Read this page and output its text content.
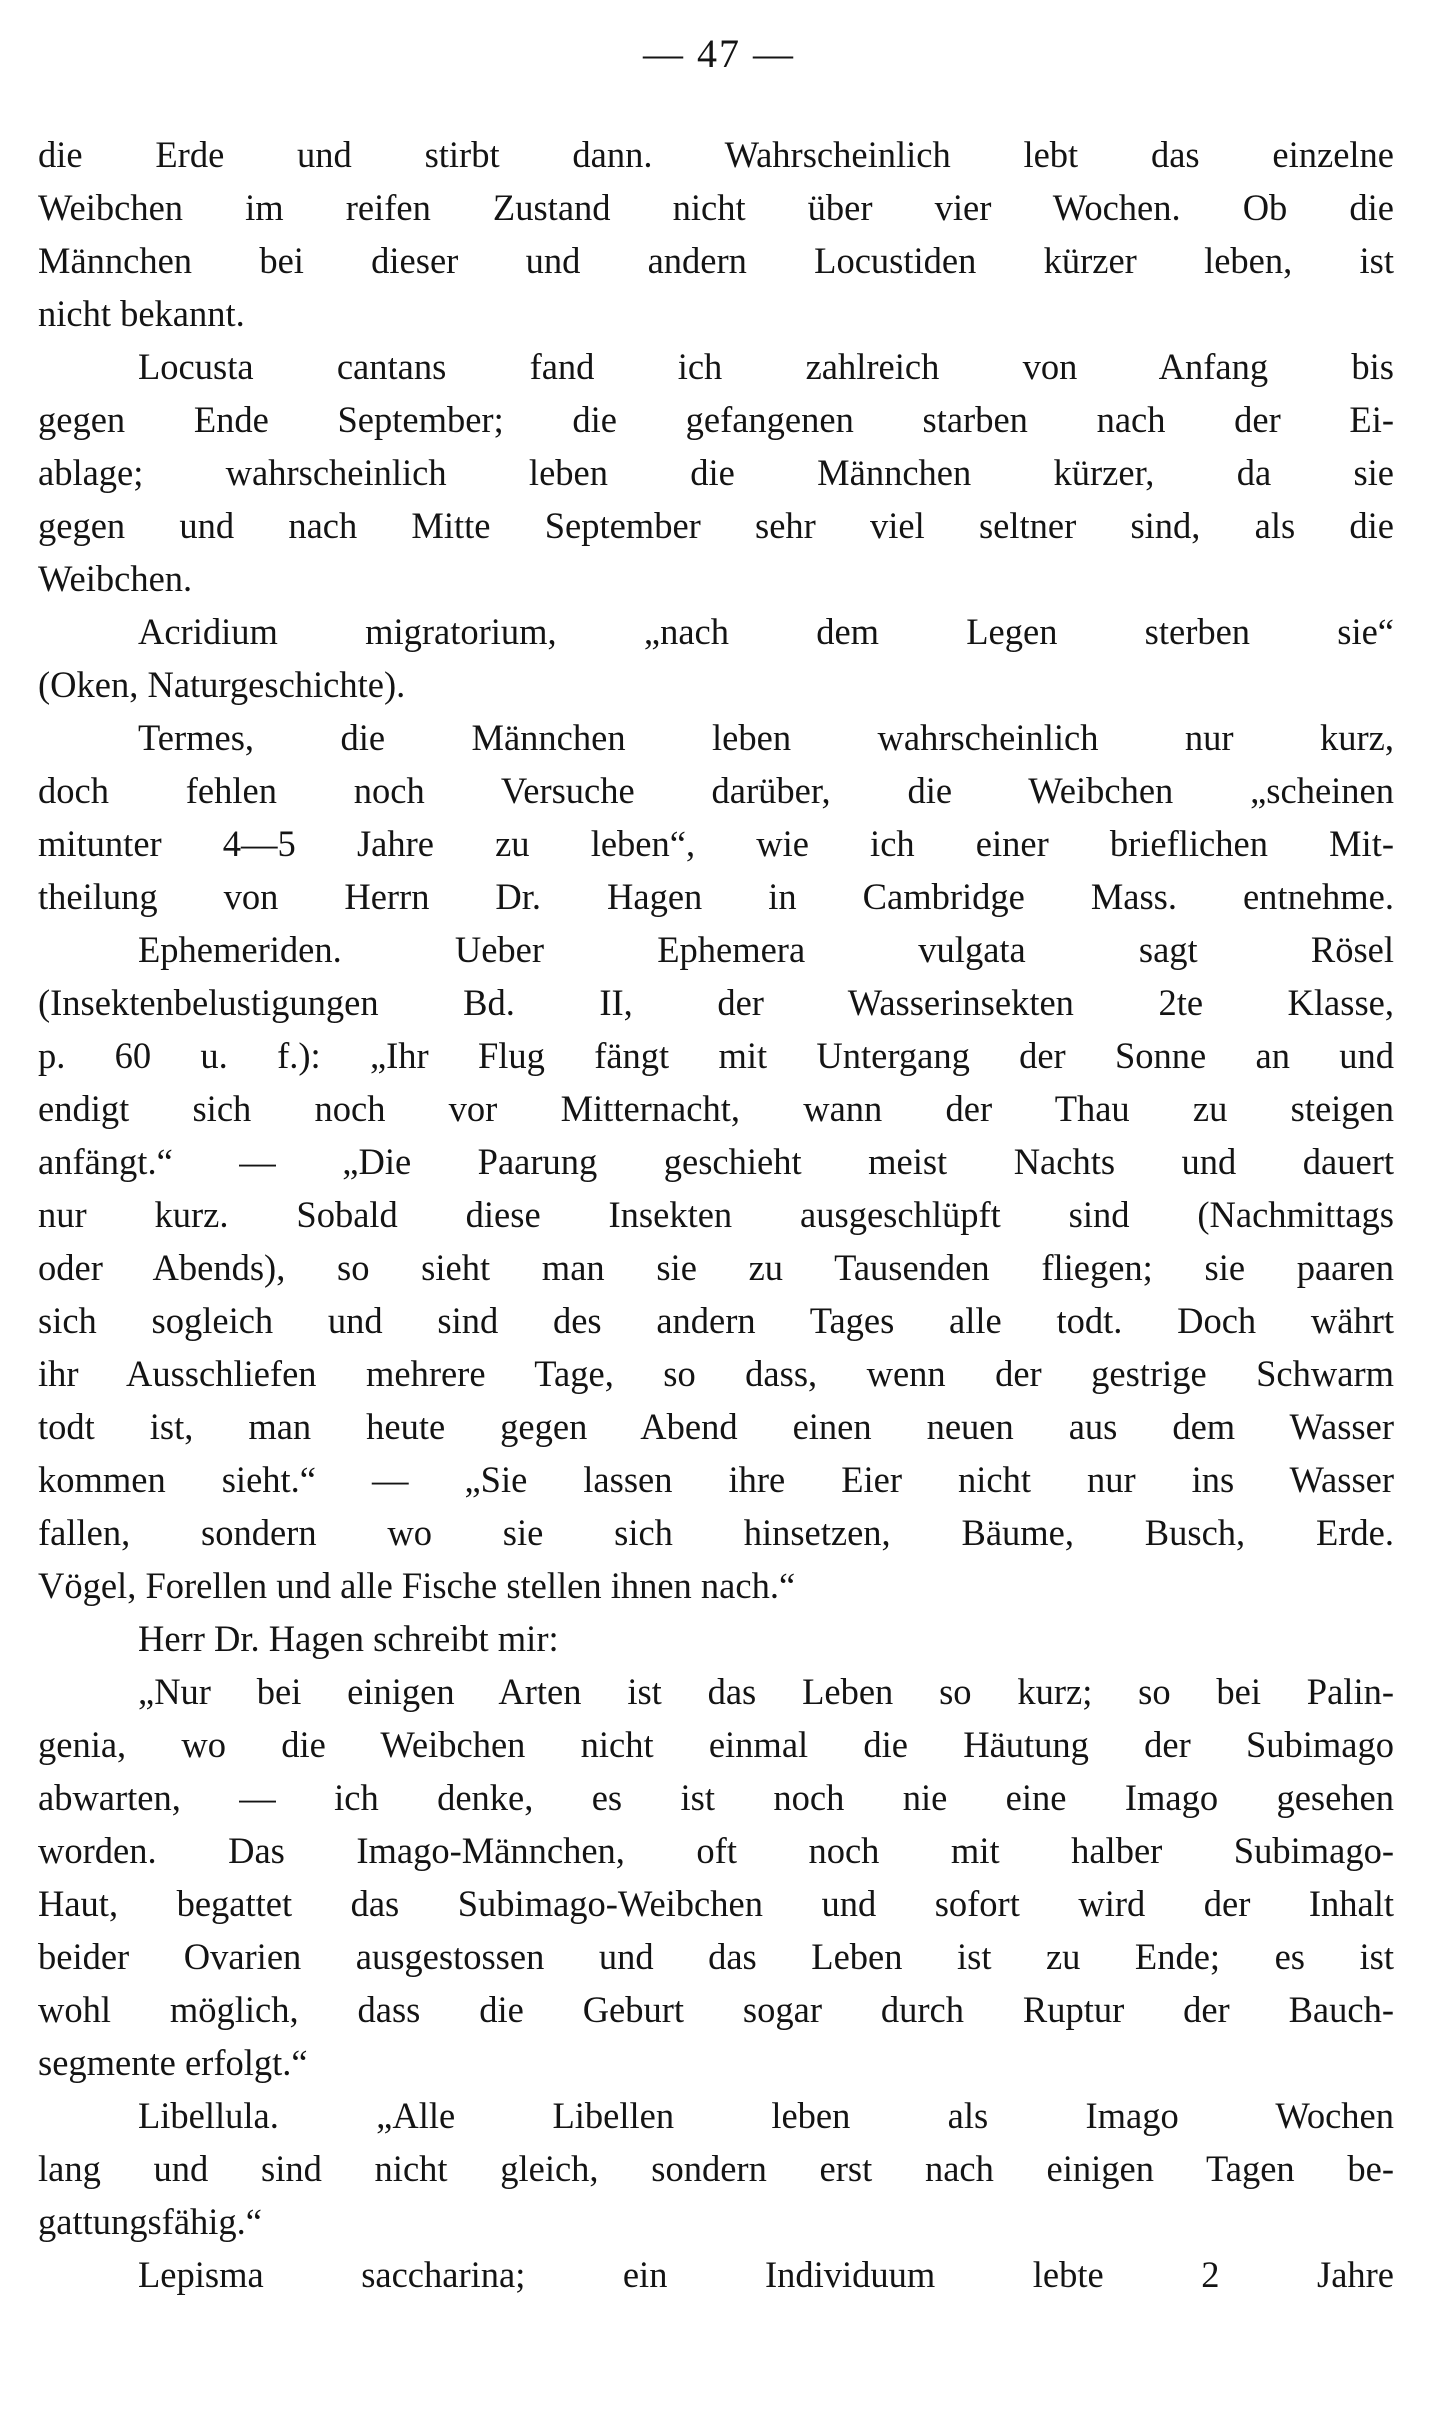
— 47 —
die Erde und stirbt dann. Wahrscheinlich lebt das einzelne
Weibchen im reifen Zustand nicht über vier Wochen. Ob die
Männchen bei dieser und andern Locustiden kürzer leben, ist
nicht bekannt.
Locusta cantans fand ich zahlreich von Anfang bis
gegen Ende September; die gefangenen starben nach der Ei-
ablage; wahrscheinlich leben die Männchen kürzer, da sie
gegen und nach Mitte September sehr viel seltner sind, als die
Weibchen.
Acridium migratorium, „nach dem Legen sterben sie“
(Oken, Naturgeschichte).
Termes, die Männchen leben wahrscheinlich nur kurz,
doch fehlen noch Versuche darüber, die Weibchen „scheinen
mitunter 4—5 Jahre zu leben“, wie ich einer brieflichen Mit-
theilung von Herrn Dr. Hagen in Cambridge Mass. entnehme.
Ephemeriden. Ueber Ephemera vulgata sagt Rösel
(Insektenbelustigungen Bd. II, der Wasserinsekten 2te Klasse,
p. 60 u. f.): „Ihr Flug fängt mit Untergang der Sonne an und
endigt sich noch vor Mitternacht, wann der Thau zu steigen
anfängt.“ — „Die Paarung geschieht meist Nachts und dauert
nur kurz. Sobald diese Insekten ausgeschlüpft sind (Nachmittags
oder Abends), so sieht man sie zu Tausenden fliegen; sie paaren
sich sogleich und sind des andern Tages alle todt. Doch währt
ihr Ausschliefen mehrere Tage, so dass, wenn der gestrige Schwarm
todt ist, man heute gegen Abend einen neuen aus dem Wasser
kommen sieht.“ — „Sie lassen ihre Eier nicht nur ins Wasser
fallen, sondern wo sie sich hinsetzen, Bäume, Busch, Erde.
Vögel, Forellen und alle Fische stellen ihnen nach.“
Herr Dr. Hagen schreibt mir:
„Nur bei einigen Arten ist das Leben so kurz; so bei Palin-
genia, wo die Weibchen nicht einmal die Häutung der Subimago
abwarten, — ich denke, es ist noch nie eine Imago gesehen
worden. Das Imago-Männchen, oft noch mit halber Subimago-
Haut, begattet das Subimago-Weibchen und sofort wird der Inhalt
beider Ovarien ausgestossen und das Leben ist zu Ende; es ist
wohl möglich, dass die Geburt sogar durch Ruptur der Bauch-
segmente erfolgt.“
Libellula. „Alle Libellen leben als Imago Wochen
lang und sind nicht gleich, sondern erst nach einigen Tagen be-
gattungsfähig.“
Lepisma saccharina; ein Individuum lebte 2 Jahre
